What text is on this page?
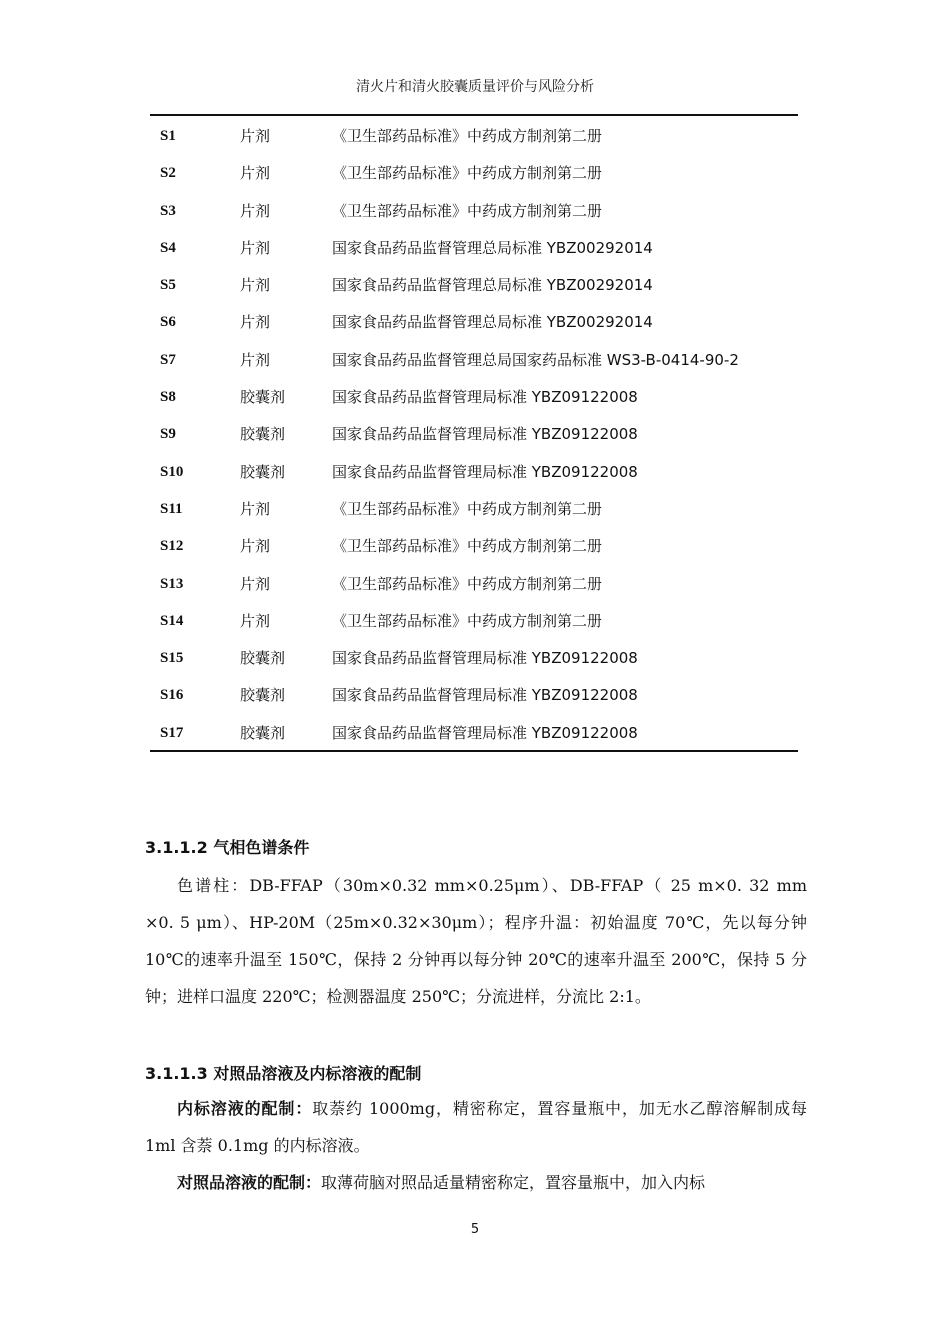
清火片和清火胶囊质量评价与风险分析
S1	片剂	《卫生部药品标准》中药成方制剂第二册
S2	片剂	《卫生部药品标准》中药成方制剂第二册
S3	片剂	《卫生部药品标准》中药成方制剂第二册
S4	片剂	国家食品药品监督管理总局标准 YBZ00292014
S5	片剂	国家食品药品监督管理总局标准 YBZ00292014
S6	片剂	国家食品药品监督管理总局标准 YBZ00292014
S7	片剂	国家食品药品监督管理总局国家药品标准 WS3-B-0414-90-2
S8	胶囊剂	国家食品药品监督管理局标准 YBZ09122008
S9	胶囊剂	国家食品药品监督管理局标准 YBZ09122008
S10	胶囊剂	国家食品药品监督管理局标准 YBZ09122008
S11	片剂	《卫生部药品标准》中药成方制剂第二册
S12	片剂	《卫生部药品标准》中药成方制剂第二册
S13	片剂	《卫生部药品标准》中药成方制剂第二册
S14	片剂	《卫生部药品标准》中药成方制剂第二册
S15	胶囊剂	国家食品药品监督管理局标准 YBZ09122008
S16	胶囊剂	国家食品药品监督管理局标准 YBZ09122008
S17	胶囊剂	国家食品药品监督管理局标准 YBZ09122008
3.1.1.2 气相色谱条件
色谱柱：DB-FFAP（30m×0.32 mm×0.25μm）、DB-FFAP（ 25 m×0. 32 mm ×0. 5 μm）、HP-20M（25m×0.32×30μm）；程序升温：初始温度 70℃，先以每分钟 10℃的速率升温至 150℃，保持 2 分钟再以每分钟 20℃的速率升温至 200℃，保持 5 分钟；进样口温度 220℃；检测器温度 250℃；分流进样，分流比 2:1。
3.1.1.3 对照品溶液及内标溶液的配制
内标溶液的配制：取萘约 1000mg，精密称定，置容量瓶中，加无水乙醇溶解制成每 1ml 含萘 0.1mg 的内标溶液。
对照品溶液的配制：取薄荷脑对照品适量精密称定，置容量瓶中，加入内标
5
